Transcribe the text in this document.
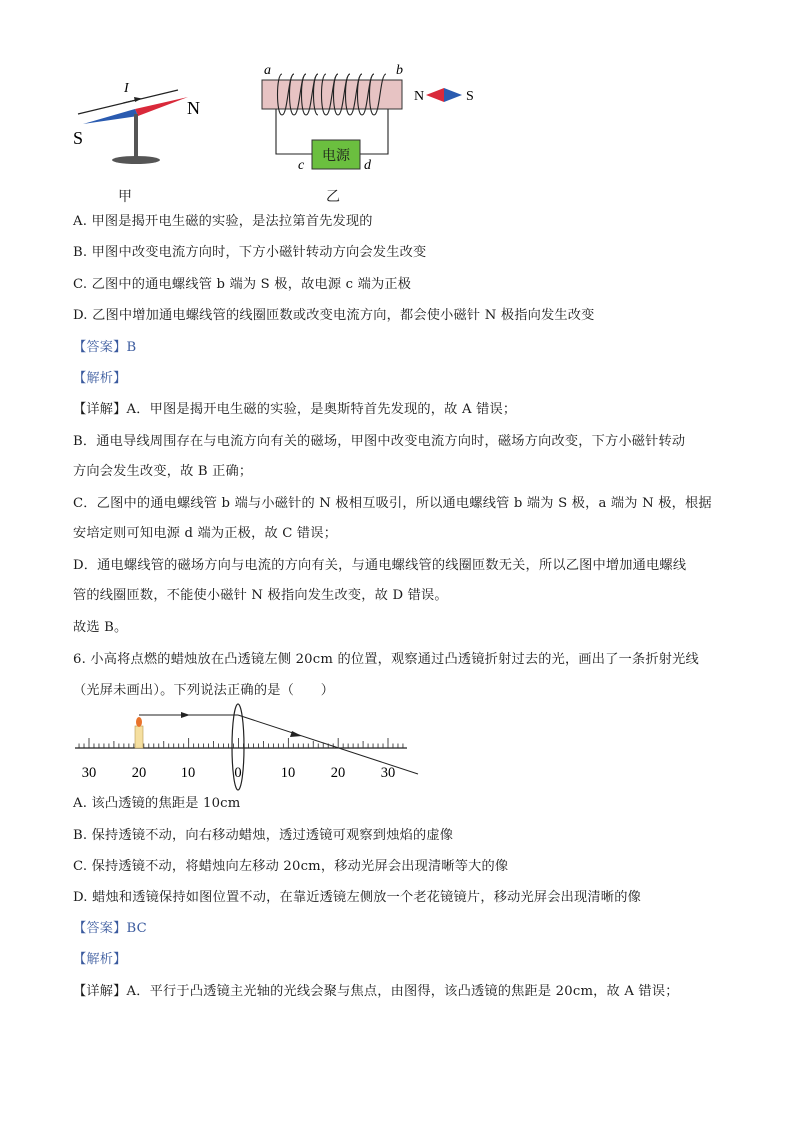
I
S
N
甲
电源
a	b
c	d
N	S
乙
A. 甲图是揭开电生磁的实验，是法拉第首先发现的
B. 甲图中改变电流方向时，下方小磁针转动方向会发生改变
C. 乙图中的通电螺线管 b 端为 S 极，故电源 c 端为正极
D. 乙图中增加通电螺线管的线圈匝数或改变电流方向，都会使小磁针 N 极指向发生改变
【答案】B
【解析】
【详解】A．甲图是揭开电生磁的实验，是奥斯特首先发现的，故 A 错误；
B．通电导线周围存在与电流方向有关的磁场，甲图中改变电流方向时，磁场方向改变，下方小磁针转动
方向会发生改变，故 B 正确；
C．乙图中的通电螺线管 b 端与小磁针的 N 极相互吸引，所以通电螺线管 b 端为 S 极，a 端为 N 极，根据
安培定则可知电源 d 端为正极，故 C 错误；
D．通电螺线管的磁场方向与电流的方向有关，与通电螺线管的线圈匝数无关，所以乙图中增加通电螺线
管的线圈匝数，不能使小磁针 N 极指向发生改变，故 D 错误。
故选 B。
6. 小高将点燃的蜡烛放在凸透镜左侧 20cm 的位置，观察通过凸透镜折射过去的光，画出了一条折射光线
（光屏未画出）。下列说法正确的是（　　）
30 20 10	0	10 20 30
A. 该凸透镜的焦距是 10cm
B. 保持透镜不动，向右移动蜡烛，透过透镜可观察到烛焰的虚像
C. 保持透镜不动，将蜡烛向左移动 20cm，移动光屏会出现清晰等大的像
D. 蜡烛和透镜保持如图位置不动，在靠近透镜左侧放一个老花镜镜片，移动光屏会出现清晰的像
【答案】BC
【解析】
【详解】A．平行于凸透镜主光轴的光线会聚与焦点，由图得，该凸透镜的焦距是 20cm，故 A 错误；
